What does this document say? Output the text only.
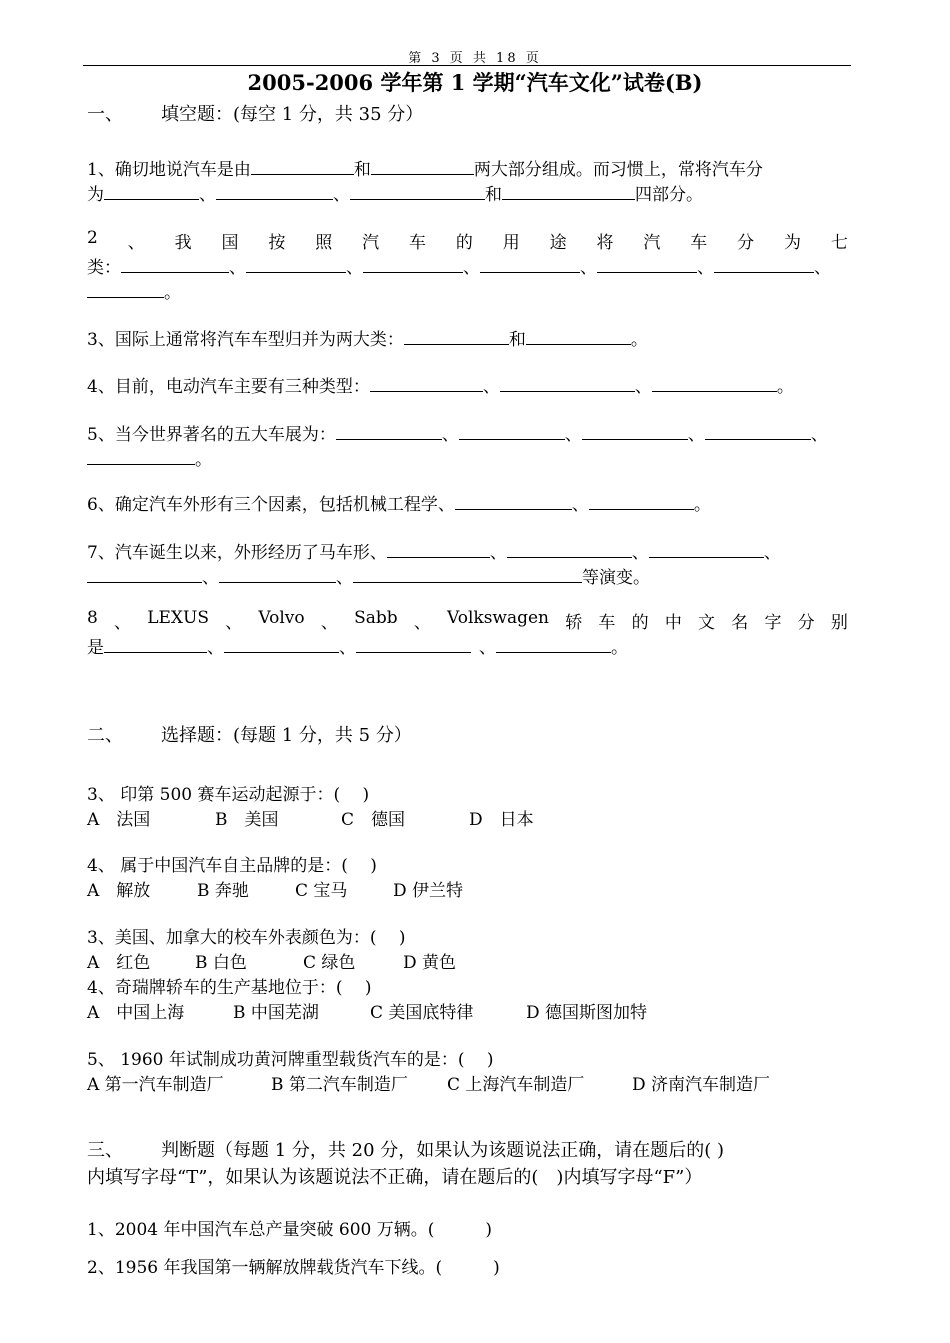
第 3 页 共 18 页
2005-2006 学年第 1 学期“汽车文化”试卷(B)
一、 填空题：(每空 1 分，共 35 分）
1、确切地说汽车是由	和	两大部分组成。而习惯上，常将汽车分
为	、	、	和	四部分。
2 、 我 国 按 照 汽 车 的 用 途 将 汽 车 分 为 七
类：	、	、	、	、	、	、
。
3、国际上通常将汽车车型归并为两大类：	和	。
4、目前，电动汽车主要有三种类型：	、	、	。
5、当今世界著名的五大车展为：	、	、	、	、
。
6、确定汽车外形有三个因素，包括机械工程学、	、	。
7、汽车诞生以来，外形经历了马车形、	、	、	、
、	、	等演变。
8 、 LEXUS 、 Volvo 、 Sabb 、 Volkswagen 轿 车 的 中 文 名 字 分 别
是	、	、	、	。
二、 选择题：(每题 1 分，共 5 分）
3、 印第 500 赛车运动起源于：(　 )
A　法国	B　美国	C　德国	D　日本
4、 属于中国汽车自主品牌的是：(　 )
A　解放	B 奔驰	C 宝马	D 伊兰特
3、美国、加拿大的校车外表颜色为：(　 )
A　红色	B 白色	C 绿色	D 黄色
4、奇瑞牌轿车的生产基地位于：(　 )
A　中国上海	B 中国芜湖	C 美国底特律	D 德国斯图加特
5、 1960 年试制成功黄河牌重型载货汽车的是：(　 )
A 第一汽车制造厂	B 第二汽车制造厂 C 上海汽车制造厂	D 济南汽车制造厂
三、 判断题（每题 1 分，共 20 分，如果认为该题说法正确，请在题后的( )
内填写字母“T”，如果认为该题说法不正确，请在题后的(　)内填写字母“F”）
1、2004 年中国汽车总产量突破 600 万辆。(　　　)
2、1956 年我国第一辆解放牌载货汽车下线。(　　　)
